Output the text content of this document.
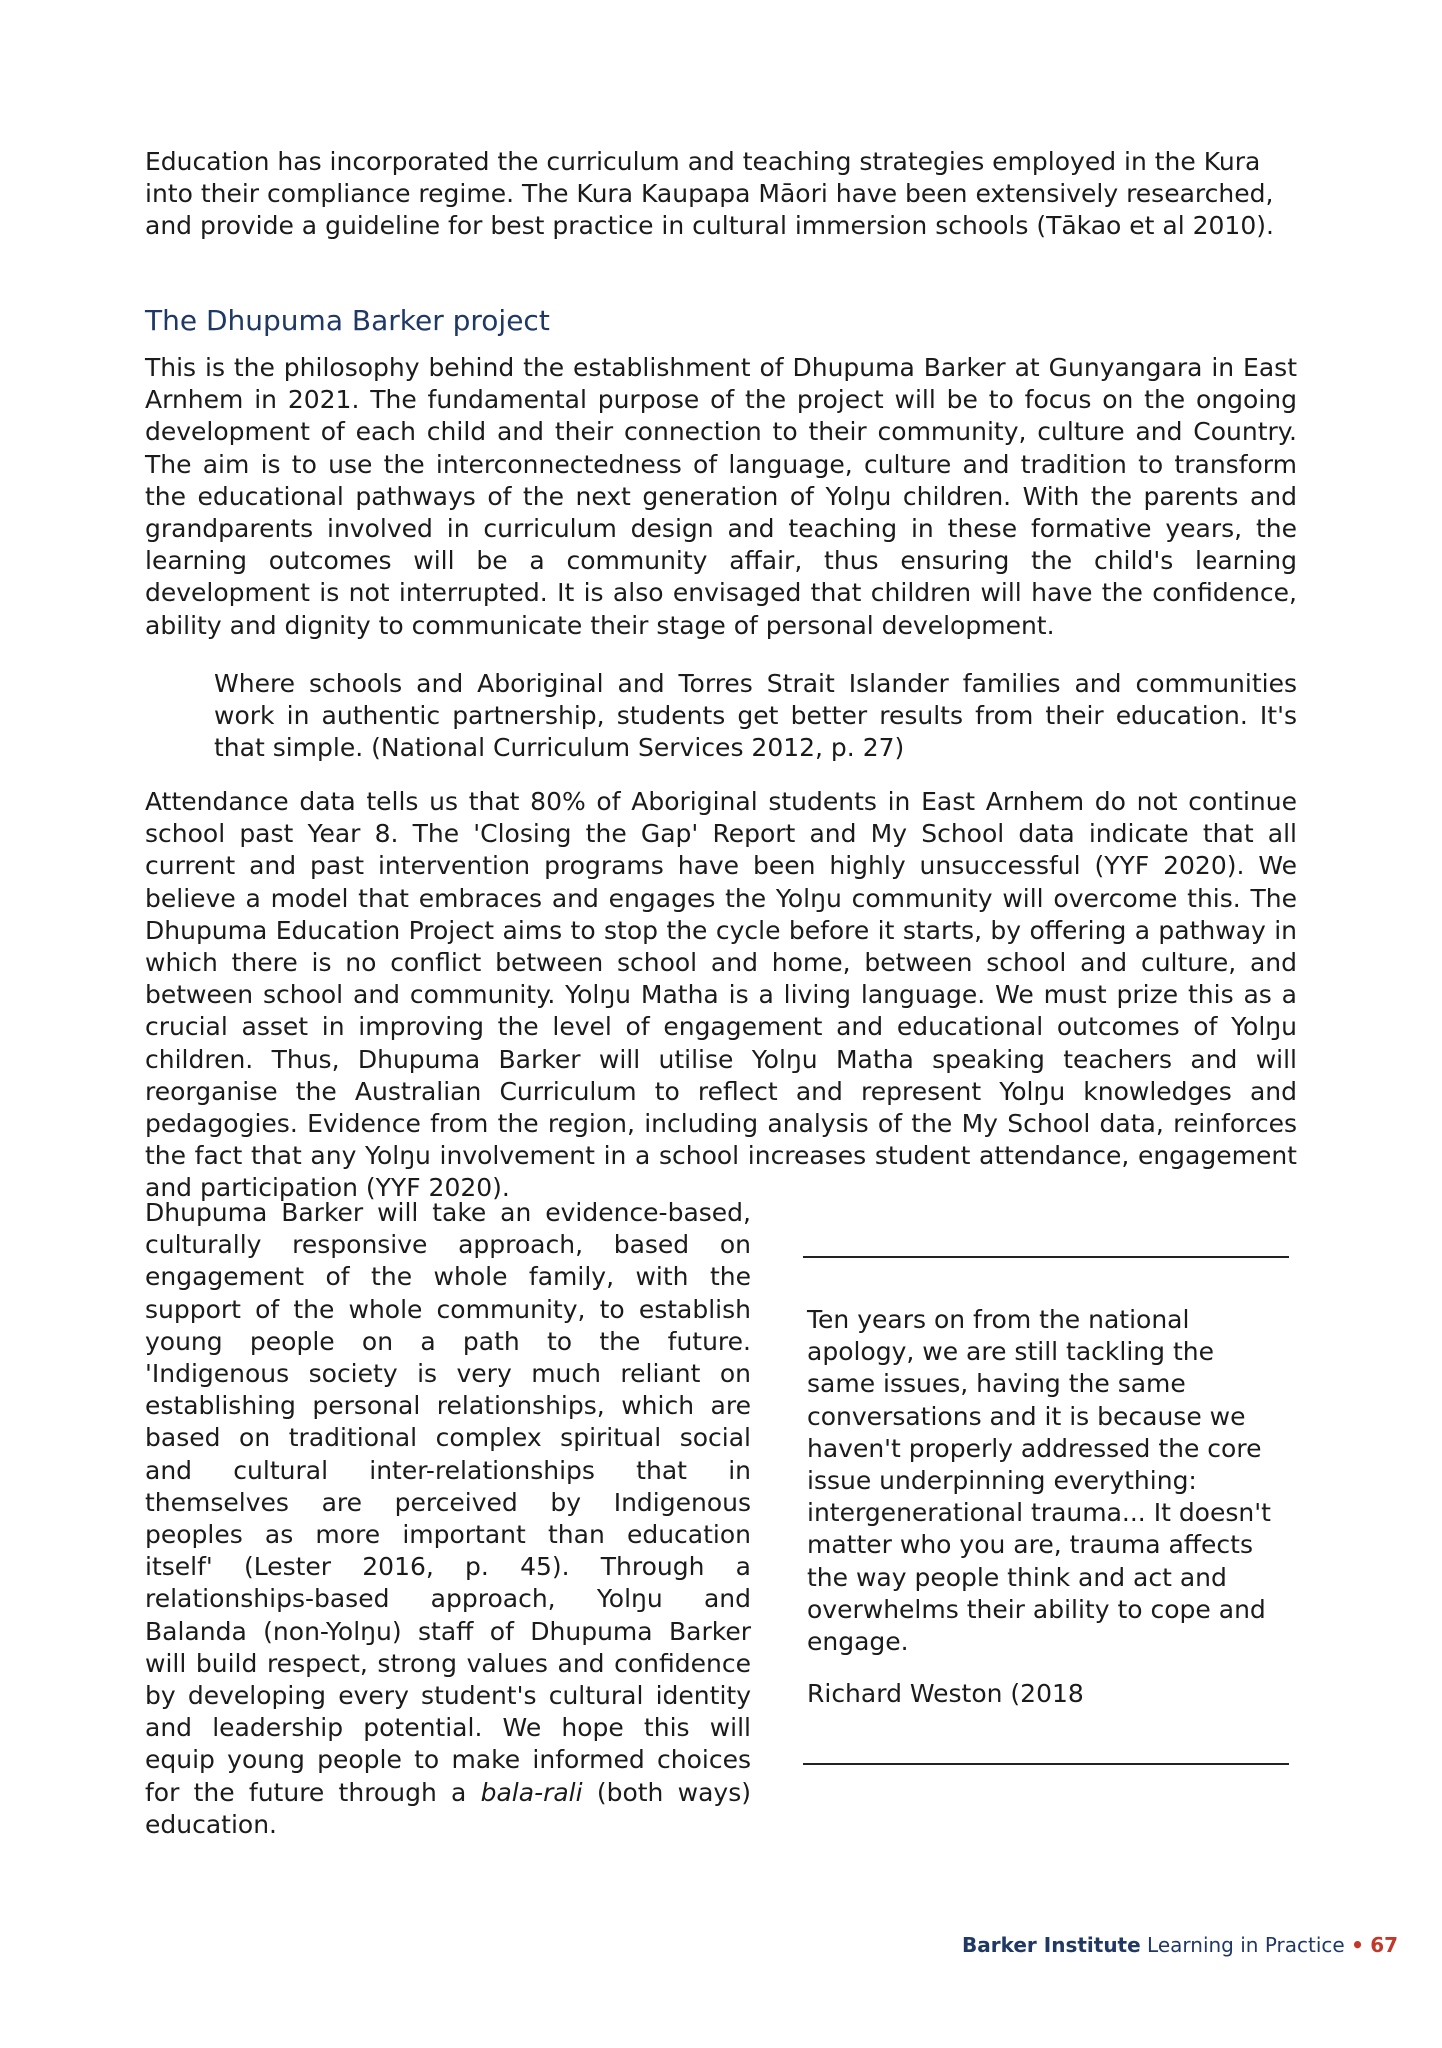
Education has incorporated the curriculum and teaching strategies employed in the Kura into their compliance regime. The Kura Kaupapa Māori have been extensively researched, and provide a guideline for best practice in cultural immersion schools (Tākao et al 2010).

The Dhupuma Barker project

This is the philosophy behind the establishment of Dhupuma Barker at Gunyangara in East Arnhem in 2021. The fundamental purpose of the project will be to focus on the ongoing development of each child and their connection to their community, culture and Country. The aim is to use the interconnectedness of language, culture and tradition to transform the educational pathways of the next generation of Yolŋu children. With the parents and grandparents involved in curriculum design and teaching in these formative years, the learning outcomes will be a community affair, thus ensuring the child's learning development is not interrupted. It is also envisaged that children will have the confidence, ability and dignity to communicate their stage of personal development.

Where schools and Aboriginal and Torres Strait Islander families and communities work in authentic partnership, students get better results from their education. It's that simple. (National Curriculum Services 2012, p. 27)

Attendance data tells us that 80% of Aboriginal students in East Arnhem do not continue school past Year 8. The 'Closing the Gap' Report and My School data indicate that all current and past intervention programs have been highly unsuccessful (YYF 2020). We believe a model that embraces and engages the Yolŋu community will overcome this. The Dhupuma Education Project aims to stop the cycle before it starts, by offering a pathway in which there is no conflict between school and home, between school and culture, and between school and community. Yolŋu Matha is a living language. We must prize this as a crucial asset in improving the level of engagement and educational outcomes of Yolŋu children. Thus, Dhupuma Barker will utilise Yolŋu Matha speaking teachers and will reorganise the Australian Curriculum to reflect and represent Yolŋu knowledges and pedagogies. Evidence from the region, including analysis of the My School data, reinforces the fact that any Yolŋu involvement in a school increases student attendance, engagement and participation (YYF 2020).

Dhupuma Barker will take an evidence-based, culturally responsive approach, based on engagement of the whole family, with the support of the whole community, to establish young people on a path to the future. 'Indigenous society is very much reliant on establishing personal relationships, which are based on traditional complex spiritual social and cultural inter-relationships that in themselves are perceived by Indigenous peoples as more important than education itself' (Lester 2016, p. 45). Through a relationships-based approach, Yolŋu and Balanda (non-Yolŋu) staff of Dhupuma Barker will build respect, strong values and confidence by developing every student's cultural identity and leadership potential. We hope this will equip young people to make informed choices for the future through a bala-rali (both ways) education.

Ten years on from the national apology, we are still tackling the same issues, having the same conversations and it is because we haven't properly addressed the core issue underpinning everything: intergenerational trauma... It doesn't matter who you are, trauma affects the way people think and act and overwhelms their ability to cope and engage.

Richard Weston (2018

Barker Institute Learning in Practice • 67
